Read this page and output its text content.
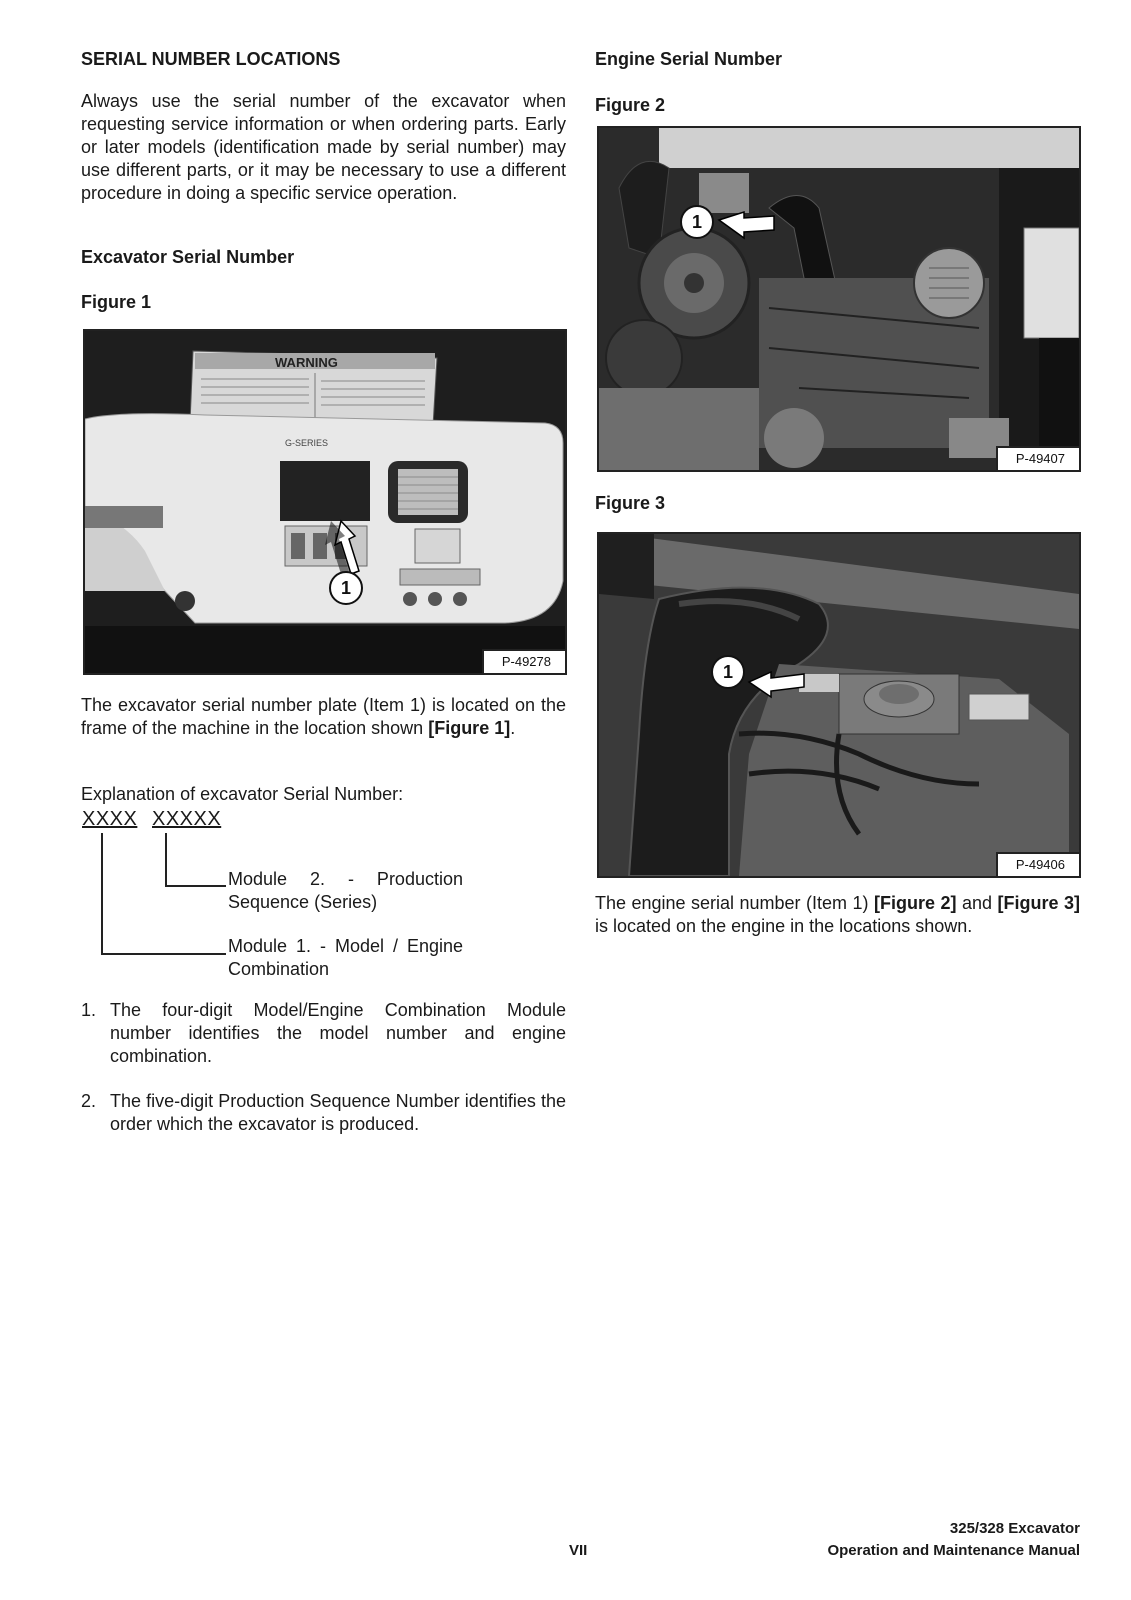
SERIAL NUMBER LOCATIONS

Always use the serial number of the excavator when requesting service information or when ordering parts. Early or later models (identification made by serial number) may use different parts, or it may be necessary to use a different procedure in doing a specific service operation.

Excavator Serial Number
Figure 1
WARNING
G-SERIES
1
P-49278

The excavator serial number plate (Item 1) is located on the frame of the machine in the location shown [Figure 1].

Explanation of excavator Serial Number:
XXXX XXXXX
Module 2. - Production Sequence (Series)
Module 1. - Model / Engine Combination
1. The four-digit Model/Engine Combination Module number identifies the model number and engine combination.
2. The five-digit Production Sequence Number identifies the order which the excavator is produced.
Engine Serial Number
Figure 2
1
P-49407
Figure 3
1
P-49406

The engine serial number (Item 1) [Figure 2] and [Figure 3] is located on the engine in the locations shown.

VII
325/328 Excavator
Operation and Maintenance Manual
